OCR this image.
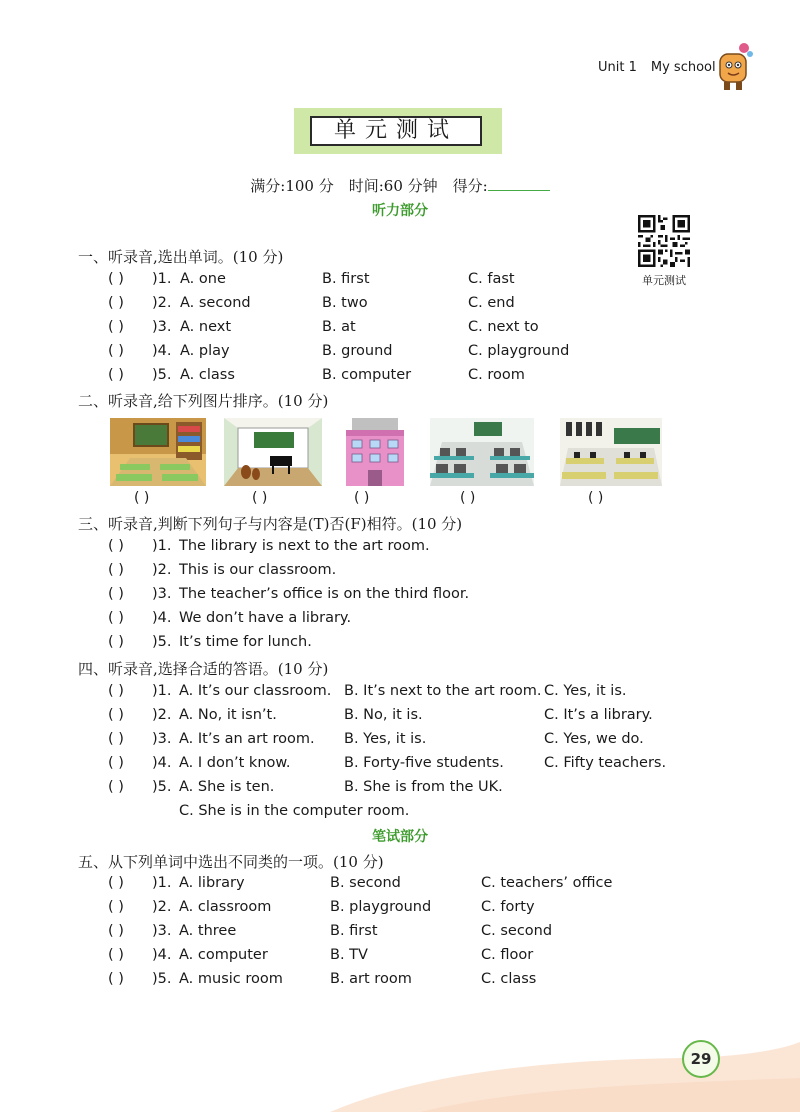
Unit 1 My school
单元测试
满分:100 分　时间:60 分钟　得分:
听力部分
单元测试
一、听录音,选出单词。(10 分)
( ) )1. A. one	B. first	C. fast
( ) )2. A. second	B. two	C. end
( ) )3. A. next	B. at	C. next to
( ) )4. A. play	B. ground	C. playground
( ) )5. A. class	B. computer	C. room
二、听录音,给下列图片排序。(10 分)
( )	( )	( )	( )	( )
三、听录音,判断下列句子与内容是(T)否(F)相符。(10 分)
( ) )1. The library is next to the art room.
( ) )2. This is our classroom.
( ) )3. The teacher’s office is on the third floor.
( ) )4. We don’t have a library.
( ) )5. It’s time for lunch.
四、听录音,选择合适的答语。(10 分)
( ) )1. A. It’s our classroom. B. It’s next to the art room. C. Yes, it is.
( ) )2. A. No, it isn’t.	B. No, it is.	C. It’s a library.
( ) )3. A. It’s an art room. B. Yes, it is.	C. Yes, we do.
( ) )4. A. I don’t know.	B. Forty-five students.	C. Fifty teachers.
( ) )5. A. She is ten.	B. She is from the UK.
C. She is in the computer room.
笔试部分
五、从下列单词中选出不同类的一项。(10 分)
( ) )1. A. library	B. second	C. teachers’ office
( ) )2. A. classroom	B. playground	C. forty
( ) )3. A. three	B. first	C. second
( ) )4. A. computer	B. TV	C. floor
( ) )5. A. music room	B. art room	C. class
29
